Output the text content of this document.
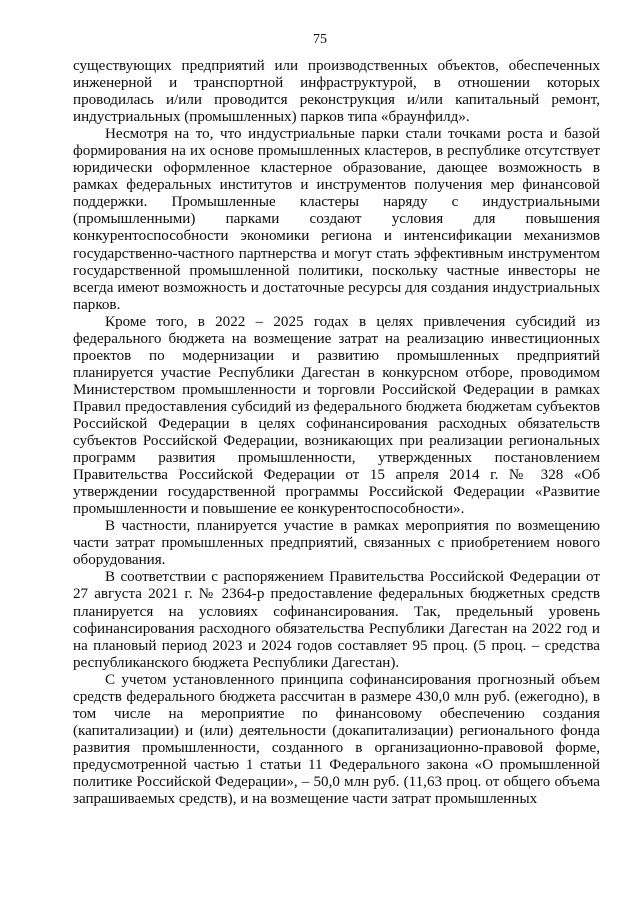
75

существующих предприятий или производственных объектов, обеспеченных инженерной и транспортной инфраструктурой, в отношении которых проводилась и/или проводится реконструкция и/или капитальный ремонт, индустриальных (промышленных) парков типа «браунфилд».

Несмотря на то, что индустриальные парки стали точками роста и базой формирования на их основе промышленных кластеров, в республике отсутствует юридически оформленное кластерное образование, дающее возможность в рамках федеральных институтов и инструментов получения мер финансовой поддержки. Промышленные кластеры наряду с индустриальными (промышленными) парками создают условия для повышения конкурентоспособности экономики региона и интенсификации механизмов государственно-частного партнерства и могут стать эффективным инструментом государственной промышленной политики, поскольку частные инвесторы не всегда имеют возможность и достаточные ресурсы для создания индустриальных парков.

Кроме того, в 2022 – 2025 годах в целях привлечения субсидий из федерального бюджета на возмещение затрат на реализацию инвестиционных проектов по модернизации и развитию промышленных предприятий планируется участие Республики Дагестан в конкурсном отборе, проводимом Министерством промышленности и торговли Российской Федерации в рамках Правил предоставления субсидий из федерального бюджета бюджетам субъектов Российской Федерации в целях софинансирования расходных обязательств субъектов Российской Федерации, возникающих при реализации региональных программ развития промышленности, утвержденных постановлением Правительства Российской Федерации от 15 апреля 2014 г. № 328 «Об утверждении государственной программы Российской Федерации «Развитие промышленности и повышение ее конкурентоспособности».

В частности, планируется участие в рамках мероприятия по возмещению части затрат промышленных предприятий, связанных с приобретением нового оборудования.

В соответствии с распоряжением Правительства Российской Федерации от 27 августа 2021 г. № 2364-р предоставление федеральных бюджетных средств планируется на условиях софинансирования. Так, предельный уровень софинансирования расходного обязательства Республики Дагестан на 2022 год и на плановый период 2023 и 2024 годов составляет 95 проц. (5 проц. – средства республиканского бюджета Республики Дагестан).

С учетом установленного принципа софинансирования прогнозный объем средств федерального бюджета рассчитан в размере 430,0 млн руб. (ежегодно), в том числе на мероприятие по финансовому обеспечению создания (капитализации) и (или) деятельности (докапитализации) регионального фонда развития промышленности, созданного в организационно-правовой форме, предусмотренной частью 1 статьи 11 Федерального закона «О промышленной политике Российской Федерации», – 50,0 млн руб. (11,63 проц. от общего объема запрашиваемых средств), и на возмещение части затрат промышленных
